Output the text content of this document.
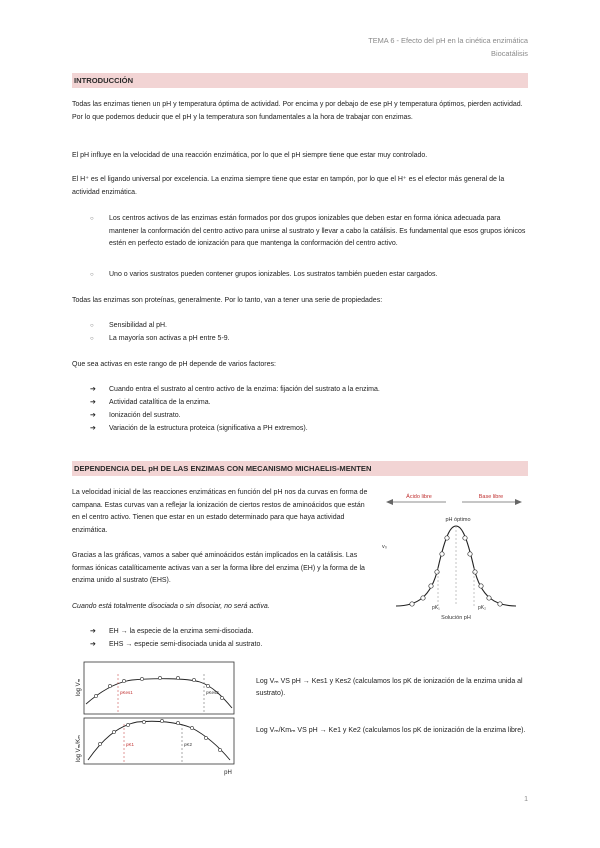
TEMA 6 - Efecto del pH en la cinética enzimática
Biocatálisis
INTRODUCCIÓN

Todas las enzimas tienen un pH y temperatura óptima de actividad. Por encima y por debajo de ese pH y temperatura óptimos, pierden actividad. Por lo que podemos deducir que el pH y la temperatura son fundamentales a la hora de trabajar con enzimas.

El pH influye en la velocidad de una reacción enzimática, por lo que el pH siempre tiene que estar muy controlado.

El H⁺ es el ligando universal por excelencia. La enzima siempre tiene que estar en tampón, por lo que el H⁺ es el efector más general de la actividad enzimática.

○ Los centros activos de las enzimas están formados por dos grupos ionizables que deben estar en forma iónica adecuada para mantener la conformación del centro activo para unirse al sustrato y llevar a cabo la catálisis. Es fundamental que esos grupos iónicos estén en perfecto estado de ionización para que mantenga la conformación del centro activo.
○ Uno o varios sustratos pueden contener grupos ionizables. Los sustratos también pueden estar cargados.

Todas las enzimas son proteínas, generalmente. Por lo tanto, van a tener una serie de propiedades:

○ Sensibilidad al pH.
○ La mayoría son activas a pH entre 5-9.

Que sea activas en este rango de pH depende de varios factores:

➔ Cuando entra el sustrato al centro activo de la enzima: fijación del sustrato a la enzima.
➔ Actividad catalítica de la enzima.
➔ Ionización del sustrato.
➔ Variación de la estructura proteica (significativa a PH extremos).
DEPENDENCIA DEL pH DE LAS ENZIMAS CON MECANISMO MICHAELIS-MENTEN

La velocidad inicial de las reacciones enzimáticas en función del pH nos da curvas en forma de campana. Estas curvas van a reflejar la ionización de ciertos restos de aminoácidos que están en el centro activo. Tienen que estar en un estado determinado para que haya actividad enzimática.

Gracias a las gráficas, vamos a saber qué aminoácidos están implicados en la catálisis. Las formas iónicas catalíticamente activas van a ser la forma libre del enzima (EH) y la forma de la enzima unido al sustrato (EHS).

Cuando está totalmente disociada o sin disociar, no será activa.

➔ EH → la especie de la enzima semi-disociada.
➔ EHS → especie semi-disociada unida al sustrato.
Ácido libre	Base libre
pH óptimo
v₀
pK₁	pK₂
Solución pH
log Vₘ	pKes1	pKes2
log Vₘ/Kₘ	pK1	pK2
pH

Log Vₘ VS pH → Kes1 y Kes2 (calculamos los pK de ionización de la enzima unida al sustrato).

Log Vₘ/Kmₘ VS pH → Ke1 y Ke2 (calculamos los pK de ionización de la enzima libre).

1
